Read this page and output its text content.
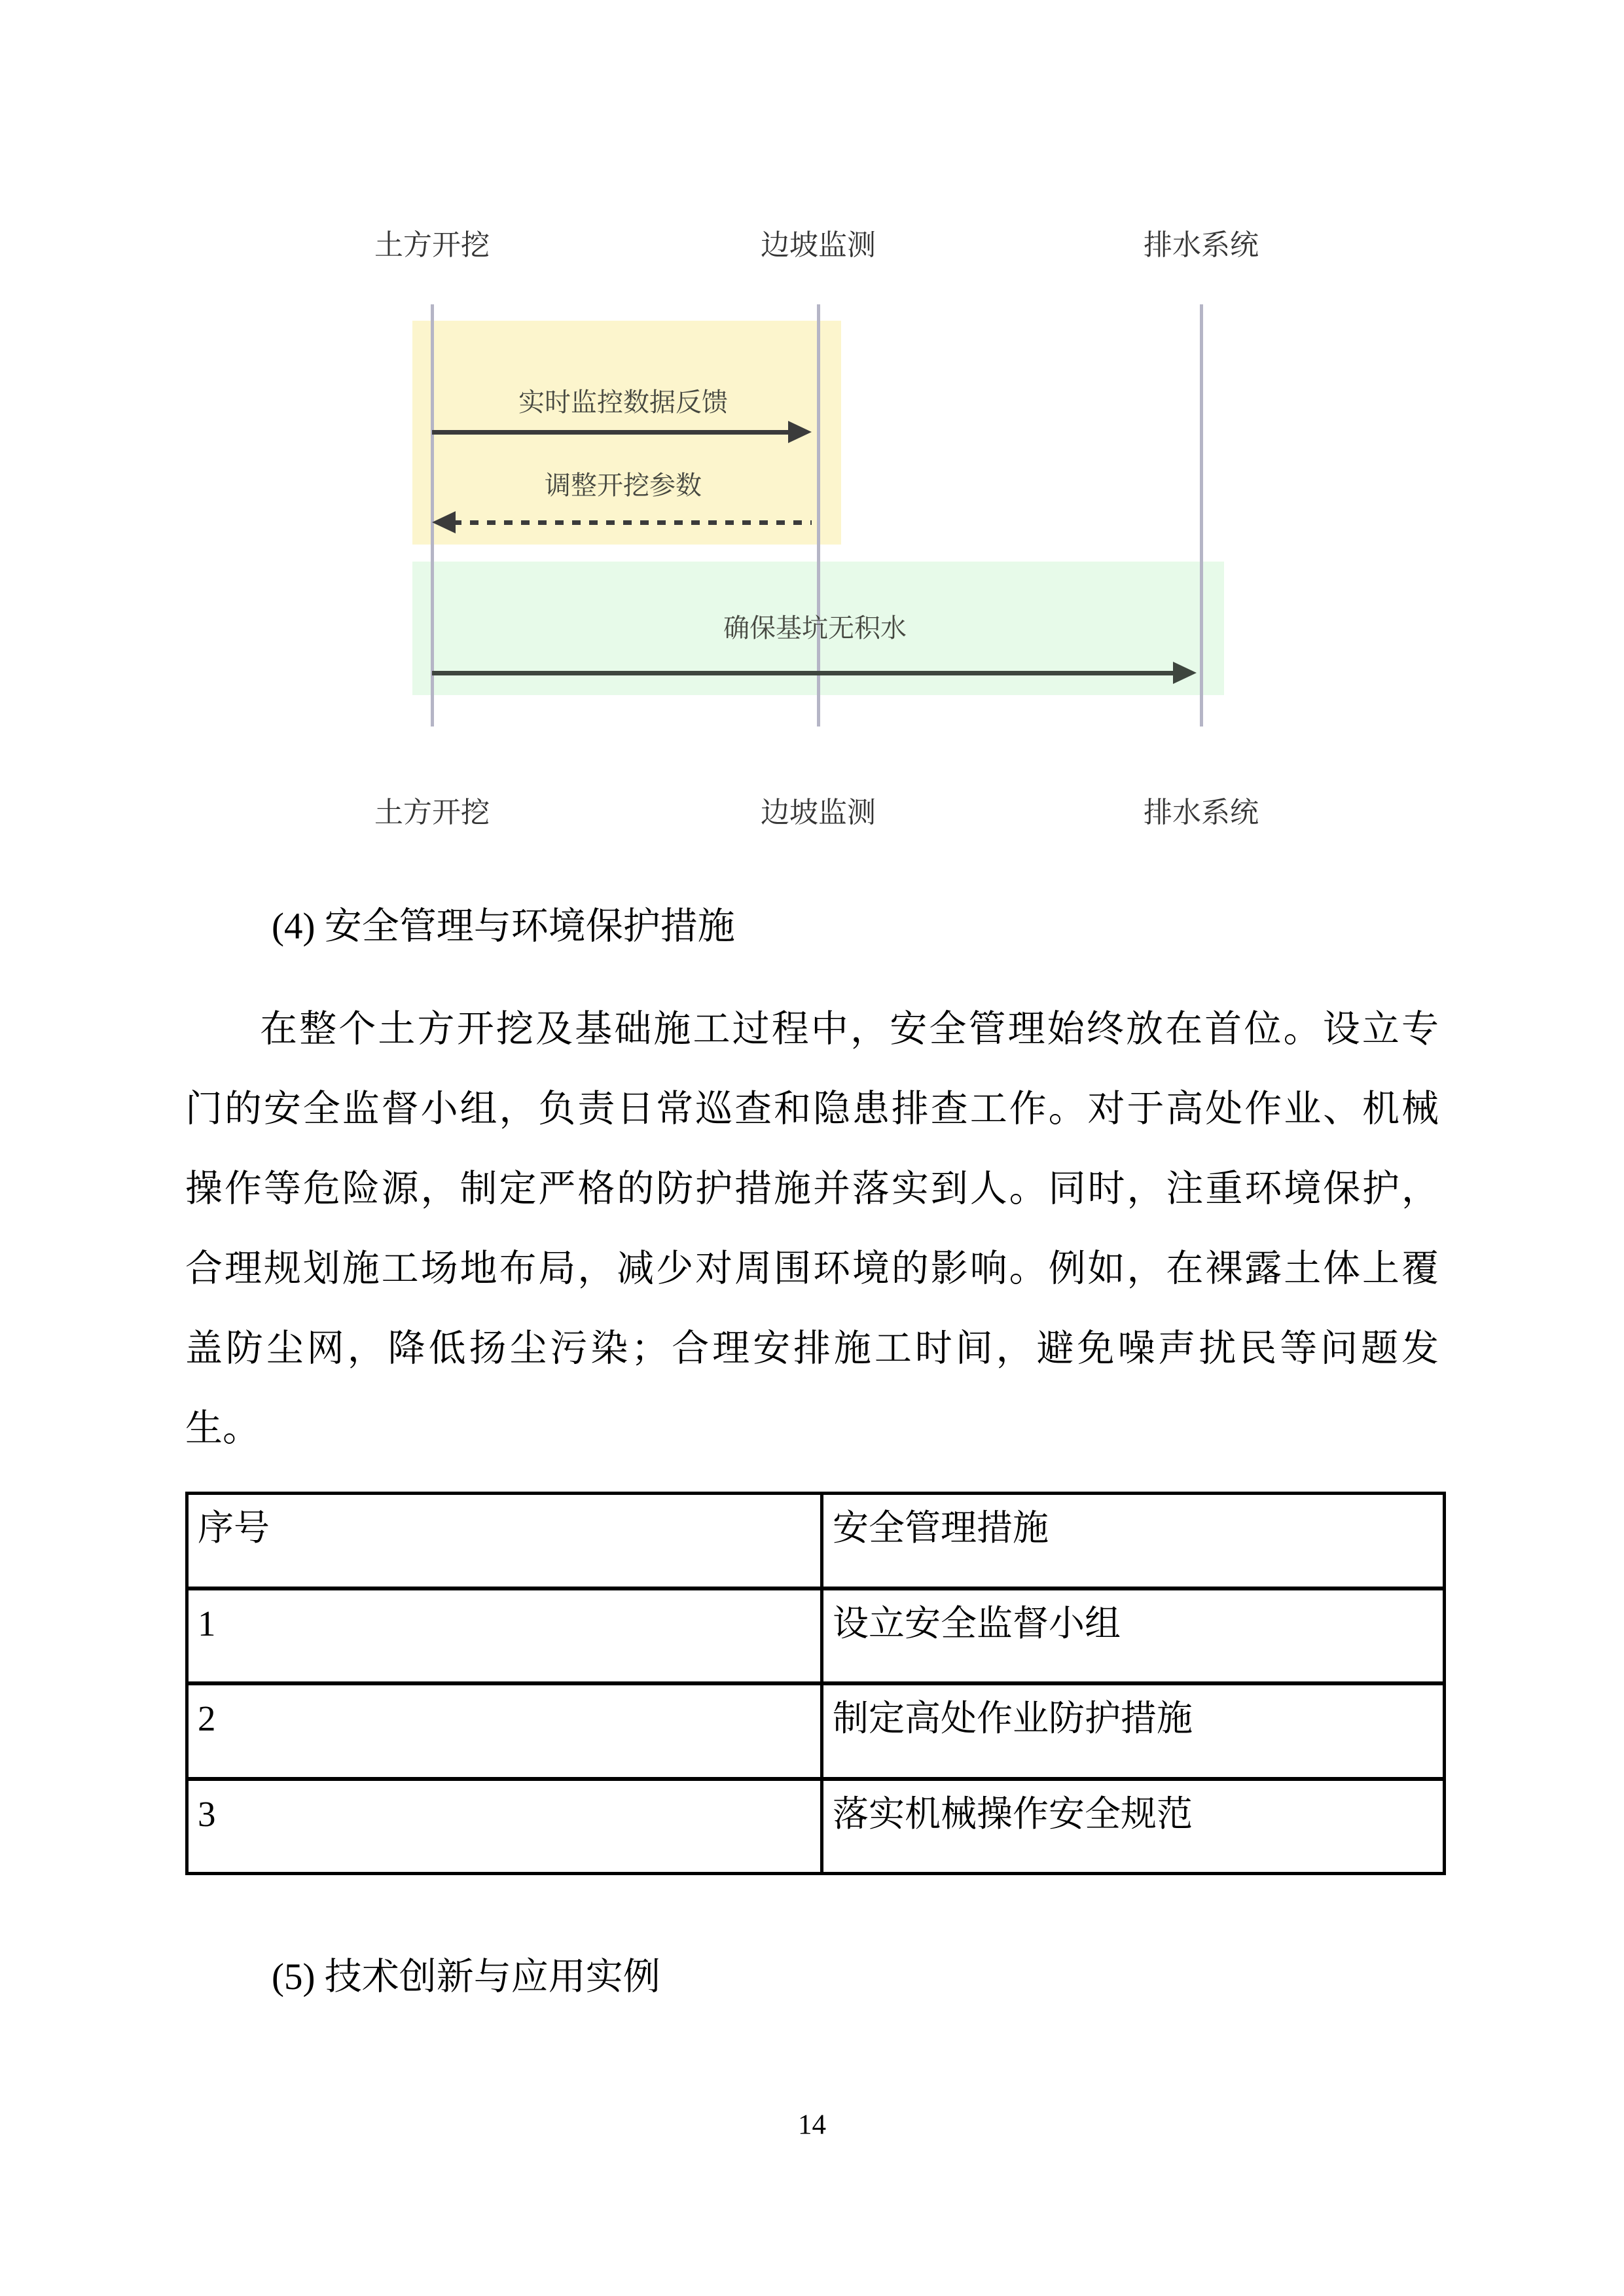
土方开挖	边坡监测	排水系统
实时监控数据反馈
调整开挖参数
确保基坑无积水
土方开挖	边坡监测	排水系统
(4) 安全管理与环境保护措施
在整个土方开挖及基础施工过程中，安全管理始终放在首位。设立专
门的安全监督小组，负责日常巡查和隐患排查工作。对于高处作业、机械
操作等危险源，制定严格的防护措施并落实到人。同时，注重环境保护，
合理规划施工场地布局，减少对周围环境的影响。例如，在裸露土体上覆
盖防尘网，降低扬尘污染；合理安排施工时间，避免噪声扰民等问题发
生。
序号	安全管理措施
1	设立安全监督小组
2	制定高处作业防护措施
3	落实机械操作安全规范
(5) 技术创新与应用实例
14
